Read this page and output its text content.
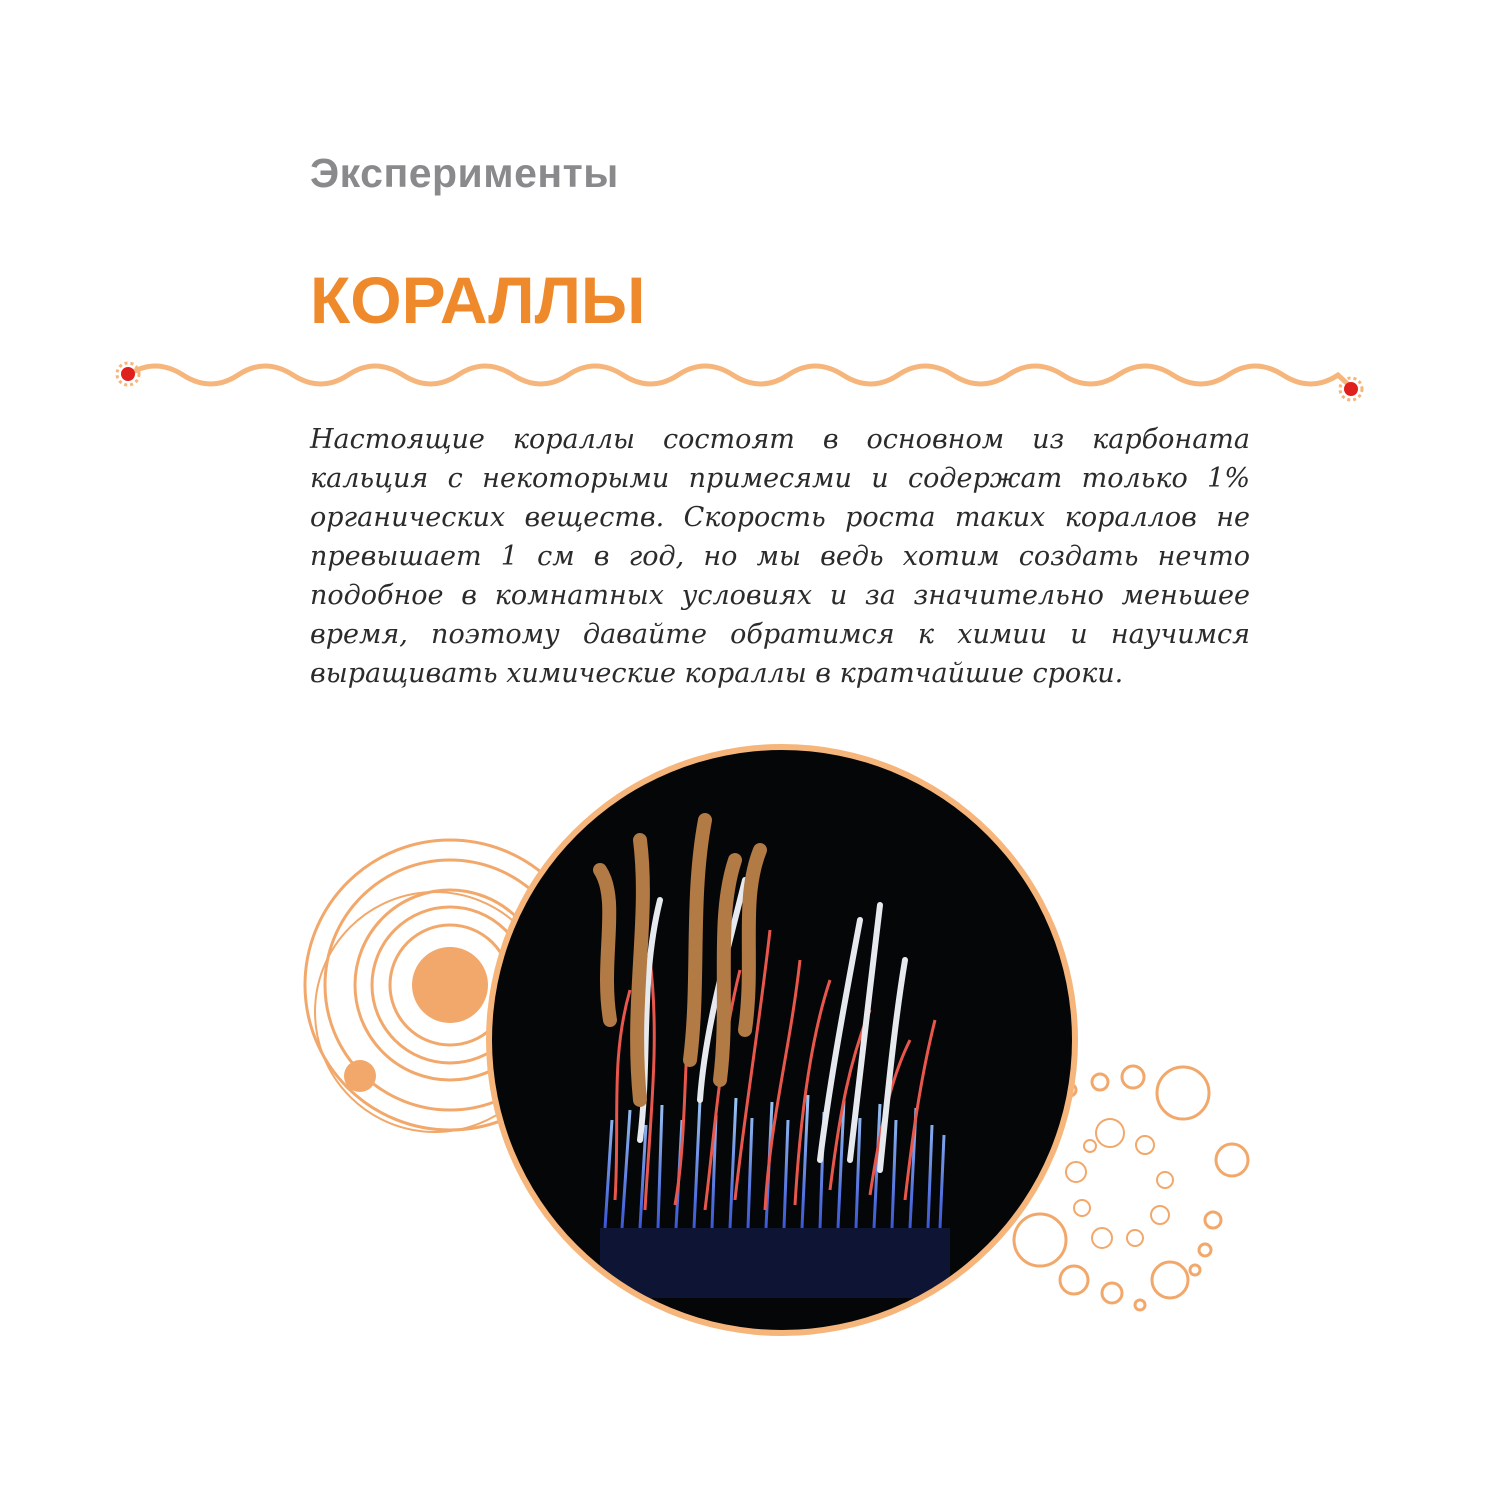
Эксперименты
КОРАЛЛЫ

Настоящие кораллы состоят в основном из карбоната кальция с некоторыми примесями и содержат только 1% органических веществ. Скорость роста таких кораллов не превышает 1 см в год, но мы ведь хотим создать нечто подобное в комнатных условиях и за значительно меньшее время, поэтому давайте обратимся к химии и научимся выращивать химические кораллы в кратчайшие сроки.
